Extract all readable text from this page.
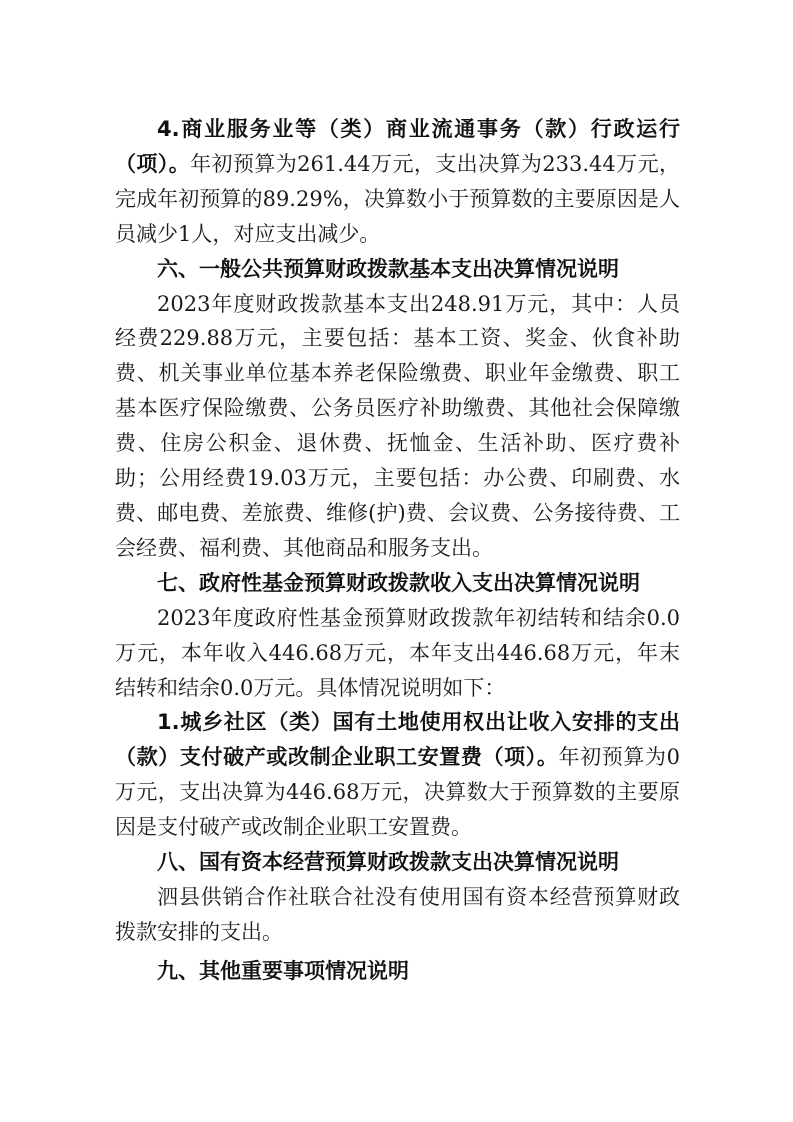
4.商业服务业等（类）商业流通事务（款）行政运行（项）。年初预算为261.44万元，支出决算为233.44万元，完成年初预算的89.29%，决算数小于预算数的主要原因是人员减少1人，对应支出减少。

六、一般公共预算财政拨款基本支出决算情况说明

2023年度财政拨款基本支出248.91万元，其中：人员经费229.88万元，主要包括：基本工资、奖金、伙食补助费、机关事业单位基本养老保险缴费、职业年金缴费、职工基本医疗保险缴费、公务员医疗补助缴费、其他社会保障缴费、住房公积金、退休费、抚恤金、生活补助、医疗费补助；公用经费19.03万元，主要包括：办公费、印刷费、水费、邮电费、差旅费、维修(护)费、会议费、公务接待费、工会经费、福利费、其他商品和服务支出。

七、政府性基金预算财政拨款收入支出决算情况说明

2023年度政府性基金预算财政拨款年初结转和结余0.0万元，本年收入446.68万元，本年支出446.68万元，年末结转和结余0.0万元。具体情况说明如下：

1.城乡社区（类）国有土地使用权出让收入安排的支出（款）支付破产或改制企业职工安置费（项）。年初预算为0万元，支出决算为446.68万元，决算数大于预算数的主要原因是支付破产或改制企业职工安置费。

八、国有资本经营预算财政拨款支出决算情况说明

泗县供销合作社联合社没有使用国有资本经营预算财政拨款安排的支出。

九、其他重要事项情况说明
